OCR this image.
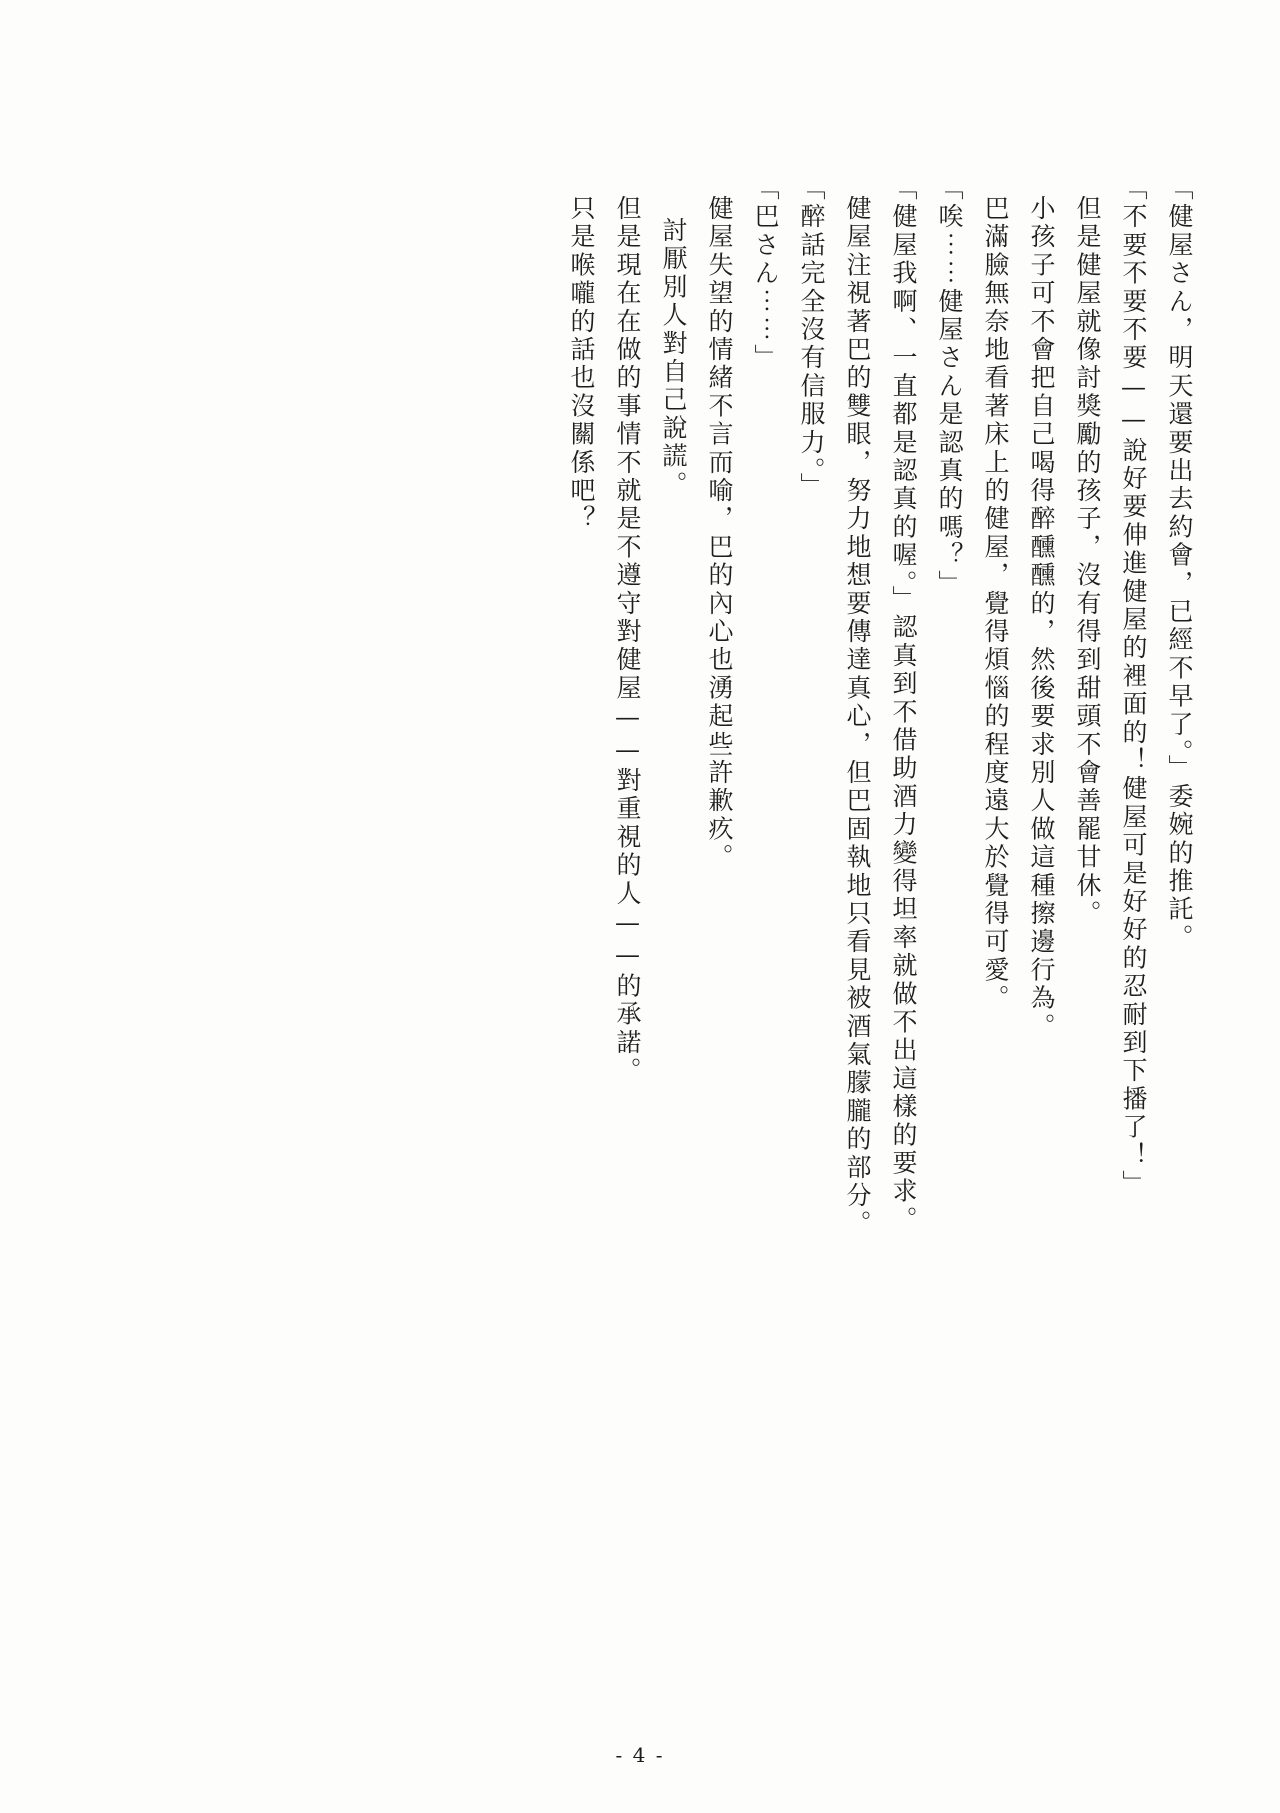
「健屋さん，明天還要出去約會，已經不早了。」委婉的推託。
「不要不要不要——說好要伸進健屋的裡面的！健屋可是好好的忍耐到下播了！」
但是健屋就像討獎勵的孩子，沒有得到甜頭不會善罷甘休。
小孩子可不會把自己喝得醉醺醺的，然後要求別人做這種擦邊行為。
巴滿臉無奈地看著床上的健屋，覺得煩惱的程度遠大於覺得可愛。
「唉⋯⋯健屋さん是認真的嗎？」
「健屋我啊、一直都是認真的喔。」認真到不借助酒力變得坦率就做不出這樣的要求。
健屋注視著巴的雙眼，努力地想要傳達真心，但巴固執地只看見被酒氣朦朧的部分。
「醉話完全沒有信服力。」
「巴さん⋯⋯」
健屋失望的情緒不言而喻，巴的內心也湧起些許歉疚。
討厭別人對自己說謊。
但是現在在做的事情不就是不遵守對健屋——對重視的人——的承諾。
只是喉嚨的話也沒關係吧？
- 4 -
